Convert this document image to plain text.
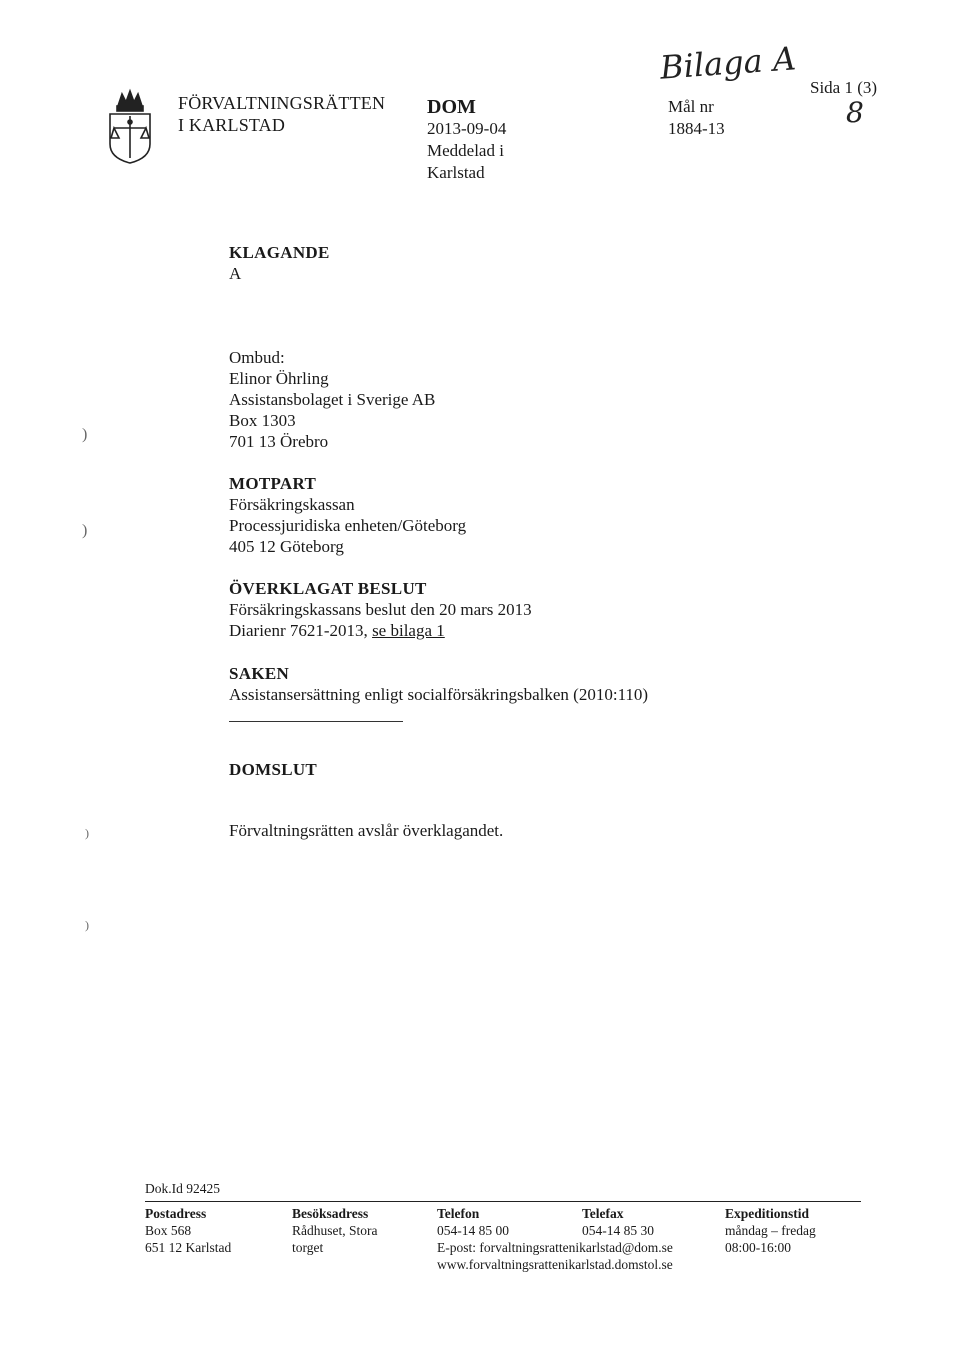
FÖRVALTNINGSRÄTTEN
I KARLSTAD
DOM
2013-09-04
Meddelad i
Karlstad
Bilaga A
Mål nr
1884-13
Sida 1 (3)
8
KLAGANDE
A
Ombud:
Elinor Öhrling
Assistansbolaget i Sverige AB
Box 1303
701 13 Örebro
MOTPART
Försäkringskassan
Processjuridiska enheten/Göteborg
405 12 Göteborg
ÖVERKLAGAT BESLUT
Försäkringskassans beslut den 20 mars 2013
Diarienr 7621-2013, se bilaga 1
SAKEN
Assistansersättning enligt socialförsäkringsbalken (2010:110)
DOMSLUT
Förvaltningsrätten avslår överklagandet.
)
)
)
)
Dok.Id 92425
Postadress
Box 568
651 12 Karlstad
Besöksadress
Rådhuset, Stora
torget
Telefon
054-14 85 00
E-post: forvaltningsrattenikarlstad@dom.se
www.forvaltningsrattenikarlstad.domstol.se
Telefax
054-14 85 30
Expeditionstid
måndag – fredag
08:00-16:00
